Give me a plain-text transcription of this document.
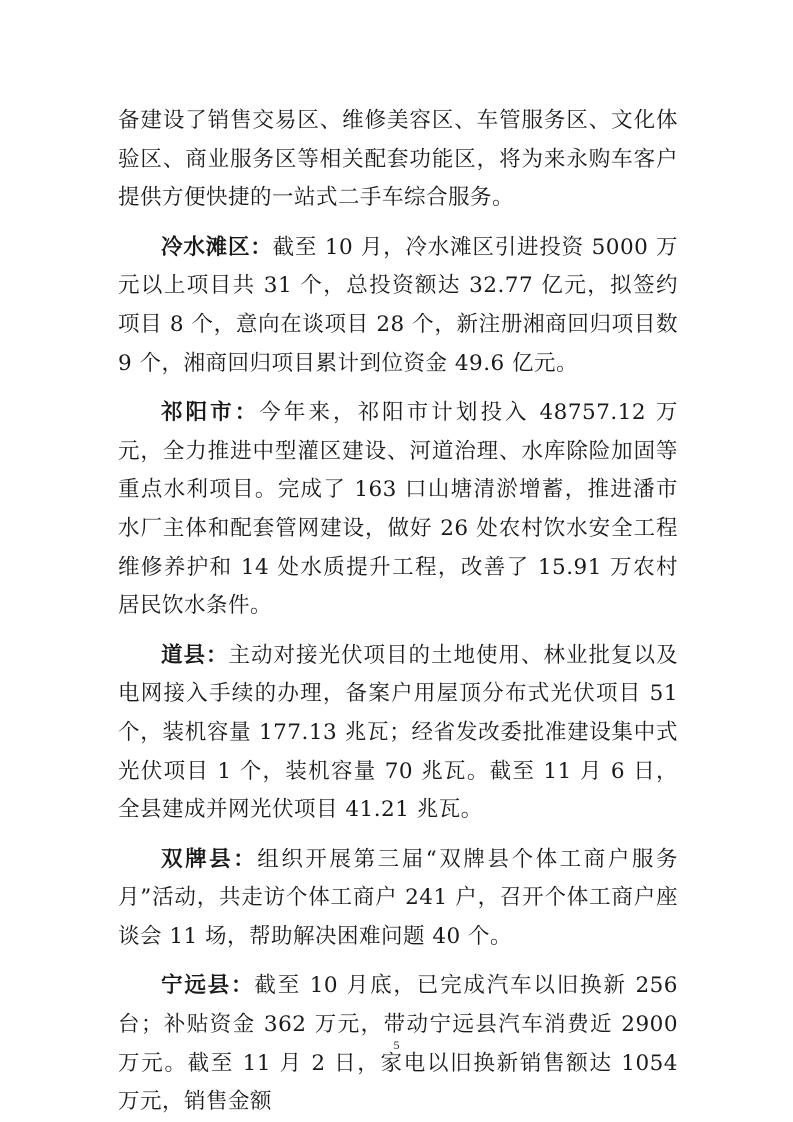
备建设了销售交易区、维修美容区、车管服务区、文化体验区、商业服务区等相关配套功能区，将为来永购车客户提供方便快捷的一站式二手车综合服务。

冷水滩区：截至 10 月，冷水滩区引进投资 5000 万元以上项目共 31 个，总投资额达 32.77 亿元，拟签约项目 8 个，意向在谈项目 28 个，新注册湘商回归项目数 9 个，湘商回归项目累计到位资金 49.6 亿元。

祁阳市：今年来，祁阳市计划投入 48757.12 万元，全力推进中型灌区建设、河道治理、水库除险加固等重点水利项目。完成了 163 口山塘清淤增蓄，推进潘市水厂主体和配套管网建设，做好 26 处农村饮水安全工程维修养护和 14 处水质提升工程，改善了 15.91 万农村居民饮水条件。

道县：主动对接光伏项目的土地使用、林业批复以及电网接入手续的办理，备案户用屋顶分布式光伏项目 51 个，装机容量 177.13 兆瓦；经省发改委批准建设集中式光伏项目 1 个，装机容量 70 兆瓦。截至 11 月 6 日，全县建成并网光伏项目 41.21 兆瓦。

双牌县：组织开展第三届“双牌县个体工商户服务月”活动，共走访个体工商户 241 户，召开个体工商户座谈会 11 场，帮助解决困难问题 40 个。

宁远县：截至 10 月底，已完成汽车以旧换新 256 台；补贴资金 362 万元，带动宁远县汽车消费近 2900 万元。截至 11 月 2 日，家电以旧换新销售额达 1054 万元，销售金额

5
